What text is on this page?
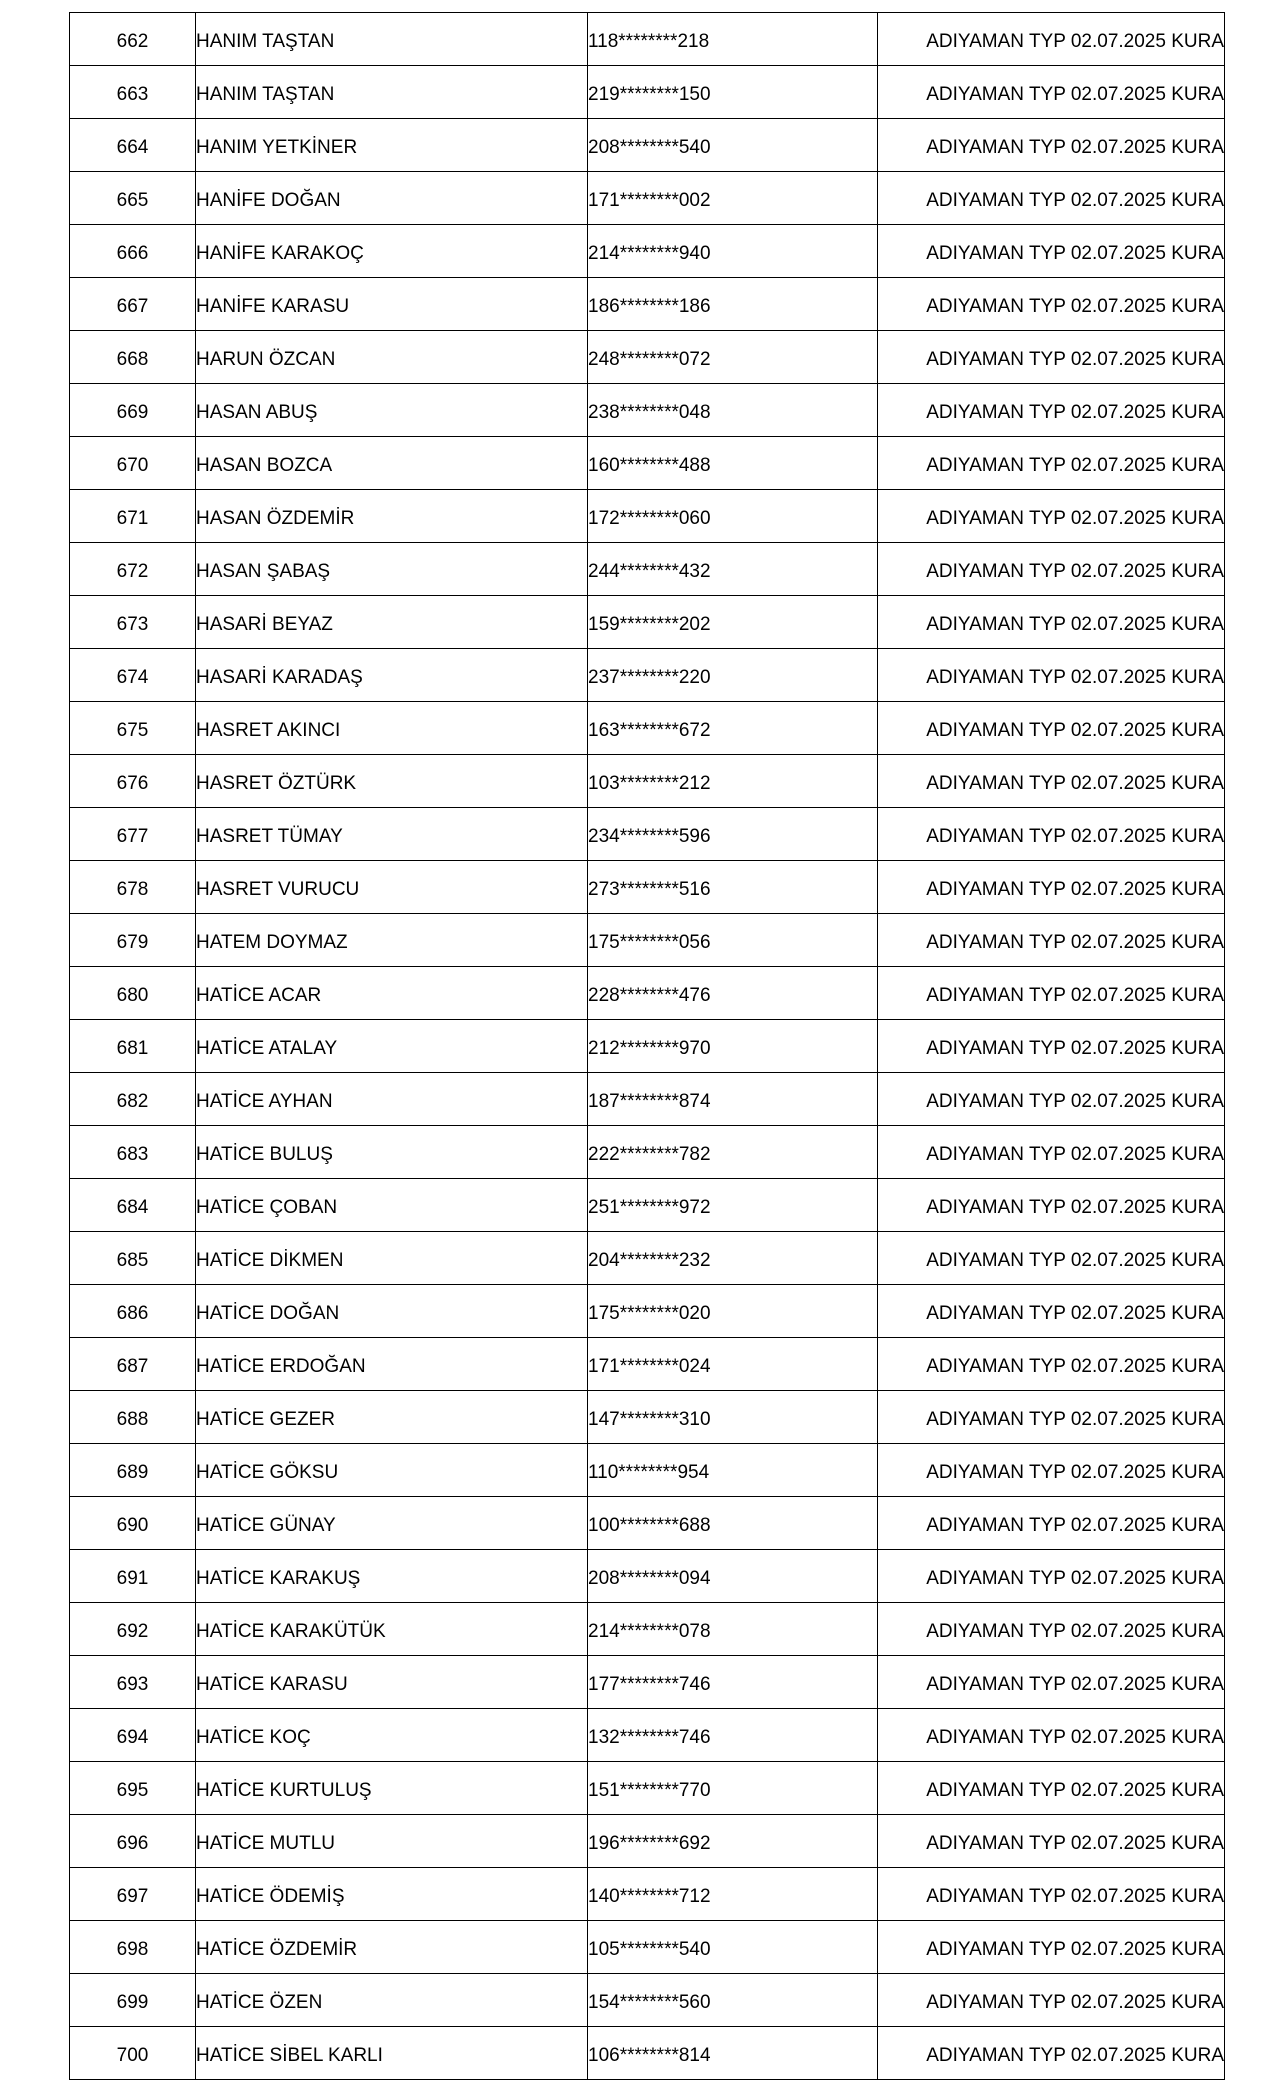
662	HANIM TAŞTAN	118********218	ADIYAMAN TYP 02.07.2025 KURA
663	HANIM TAŞTAN	219********150	ADIYAMAN TYP 02.07.2025 KURA
664	HANIM YETKİNER	208********540	ADIYAMAN TYP 02.07.2025 KURA
665	HANİFE DOĞAN	171********002	ADIYAMAN TYP 02.07.2025 KURA
666	HANİFE KARAKOÇ	214********940	ADIYAMAN TYP 02.07.2025 KURA
667	HANİFE KARASU	186********186	ADIYAMAN TYP 02.07.2025 KURA
668	HARUN ÖZCAN	248********072	ADIYAMAN TYP 02.07.2025 KURA
669	HASAN ABUŞ	238********048	ADIYAMAN TYP 02.07.2025 KURA
670	HASAN BOZCA	160********488	ADIYAMAN TYP 02.07.2025 KURA
671	HASAN ÖZDEMİR	172********060	ADIYAMAN TYP 02.07.2025 KURA
672	HASAN ŞABAŞ	244********432	ADIYAMAN TYP 02.07.2025 KURA
673	HASARİ BEYAZ	159********202	ADIYAMAN TYP 02.07.2025 KURA
674	HASARİ KARADAŞ	237********220	ADIYAMAN TYP 02.07.2025 KURA
675	HASRET AKINCI	163********672	ADIYAMAN TYP 02.07.2025 KURA
676	HASRET ÖZTÜRK	103********212	ADIYAMAN TYP 02.07.2025 KURA
677	HASRET TÜMAY	234********596	ADIYAMAN TYP 02.07.2025 KURA
678	HASRET VURUCU	273********516	ADIYAMAN TYP 02.07.2025 KURA
679	HATEM DOYMAZ	175********056	ADIYAMAN TYP 02.07.2025 KURA
680	HATİCE ACAR	228********476	ADIYAMAN TYP 02.07.2025 KURA
681	HATİCE ATALAY	212********970	ADIYAMAN TYP 02.07.2025 KURA
682	HATİCE AYHAN	187********874	ADIYAMAN TYP 02.07.2025 KURA
683	HATİCE BULUŞ	222********782	ADIYAMAN TYP 02.07.2025 KURA
684	HATİCE ÇOBAN	251********972	ADIYAMAN TYP 02.07.2025 KURA
685	HATİCE DİKMEN	204********232	ADIYAMAN TYP 02.07.2025 KURA
686	HATİCE DOĞAN	175********020	ADIYAMAN TYP 02.07.2025 KURA
687	HATİCE ERDOĞAN	171********024	ADIYAMAN TYP 02.07.2025 KURA
688	HATİCE GEZER	147********310	ADIYAMAN TYP 02.07.2025 KURA
689	HATİCE GÖKSU	110********954	ADIYAMAN TYP 02.07.2025 KURA
690	HATİCE GÜNAY	100********688	ADIYAMAN TYP 02.07.2025 KURA
691	HATİCE KARAKUŞ	208********094	ADIYAMAN TYP 02.07.2025 KURA
692	HATİCE KARAKÜTÜK	214********078	ADIYAMAN TYP 02.07.2025 KURA
693	HATİCE KARASU	177********746	ADIYAMAN TYP 02.07.2025 KURA
694	HATİCE KOÇ	132********746	ADIYAMAN TYP 02.07.2025 KURA
695	HATİCE KURTULUŞ	151********770	ADIYAMAN TYP 02.07.2025 KURA
696	HATİCE MUTLU	196********692	ADIYAMAN TYP 02.07.2025 KURA
697	HATİCE ÖDEMİŞ	140********712	ADIYAMAN TYP 02.07.2025 KURA
698	HATİCE ÖZDEMİR	105********540	ADIYAMAN TYP 02.07.2025 KURA
699	HATİCE ÖZEN	154********560	ADIYAMAN TYP 02.07.2025 KURA
700	HATİCE SİBEL KARLI	106********814	ADIYAMAN TYP 02.07.2025 KURA
